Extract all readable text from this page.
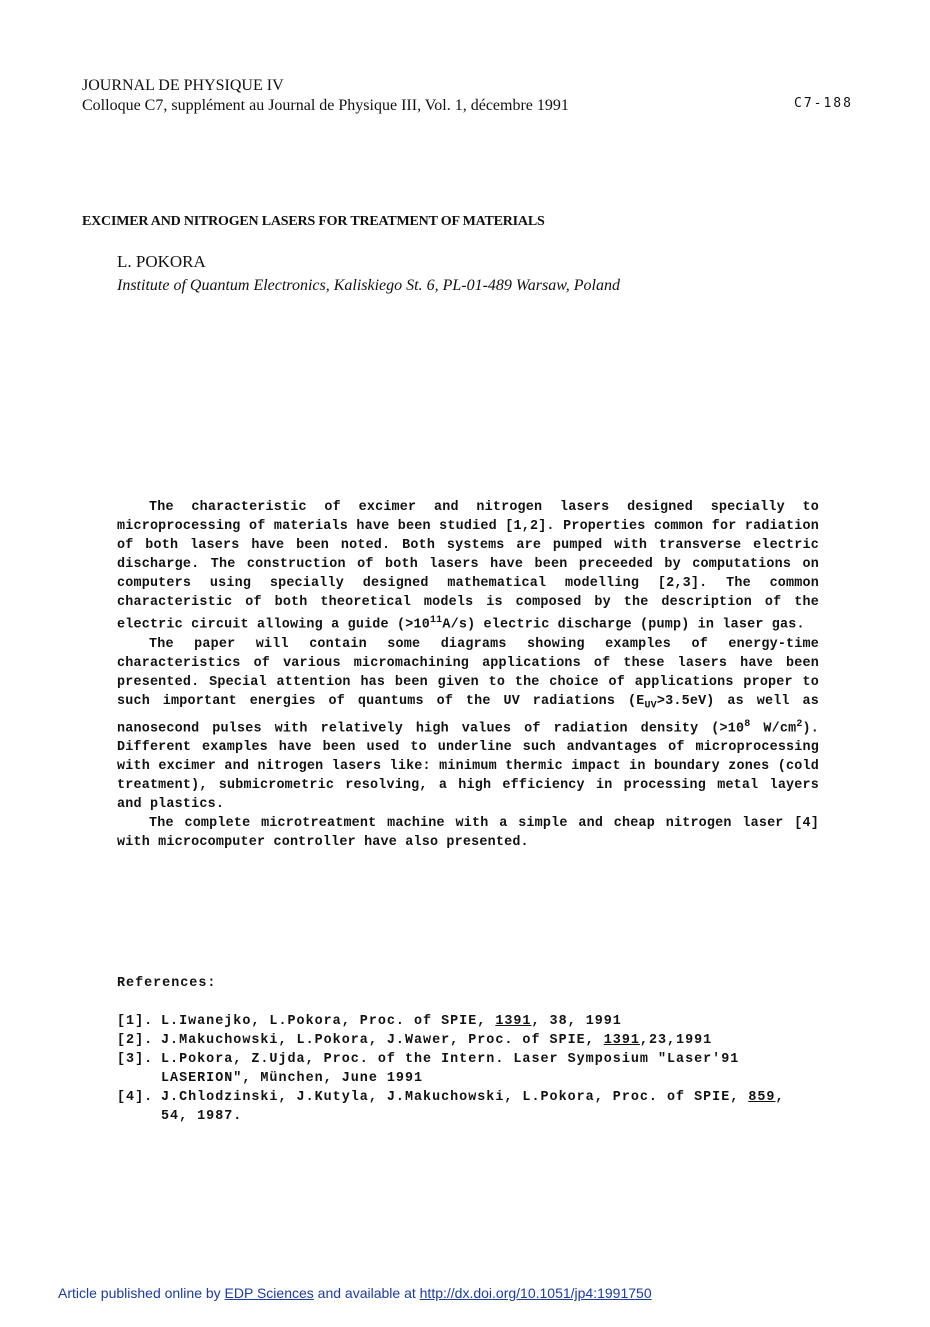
JOURNAL DE PHYSIQUE IV
Colloque C7, supplément au Journal de Physique III, Vol. 1, décembre 1991	C7-188
EXCIMER AND NITROGEN LASERS FOR TREATMENT OF MATERIALS
L. POKORA
Institute of Quantum Electronics, Kaliskiego St. 6, PL-01-489 Warsaw, Poland

The characteristic of excimer and nitrogen lasers designed specially to microprocessing of materials have been studied [1,2]. Properties common for radiation of both lasers have been noted. Both systems are pumped with transverse electric discharge. The construction of both lasers have been preceeded by computations on computers using specially designed mathematical modelling [2,3]. The common characteristic of both theoretical models is composed by the description of the electric circuit allowing a guide $(>10^{11}A/s)$ electric discharge (pump) in laser gas.

The paper will contain some diagrams showing examples of energy-time characteristics of various micromachining applications of these lasers have been presented. Special attention has been given to the choice of applications proper to such important energies of quantums of the UV radiations $(E_{UV}>3.5eV)$ as well as nanosecond pulses with relatively high values of radiation density ($>10^8$ $W/cm^2$). Different examples have been used to underline such andvantages of microprocessing with excimer and nitrogen lasers like: minimum thermic impact in boundary zones (cold treatment), submicrometric resolving, a high efficiency in processing metal layers and plastics.

The complete microtreatment machine with a simple and cheap nitrogen laser [4] with microcomputer controller have also presented.

References:
[1]. L.Iwanejko, L.Pokora, Proc. of SPIE, 1391, 38, 1991
[2]. J.Makuchowski, L.Pokora, J.Wawer, Proc. of SPIE, 1391,23,1991
[3]. L.Pokora, Z.Ujda, Proc. of the Intern. Laser Symposium "Laser'91 LASERION", München, June 1991
[4]. J.Chlodzinski, J.Kutyla, J.Makuchowski, L.Pokora, Proc. of SPIE, 859, 54, 1987.
Article published online by EDP Sciences and available at http://dx.doi.org/10.1051/jp4:1991750
